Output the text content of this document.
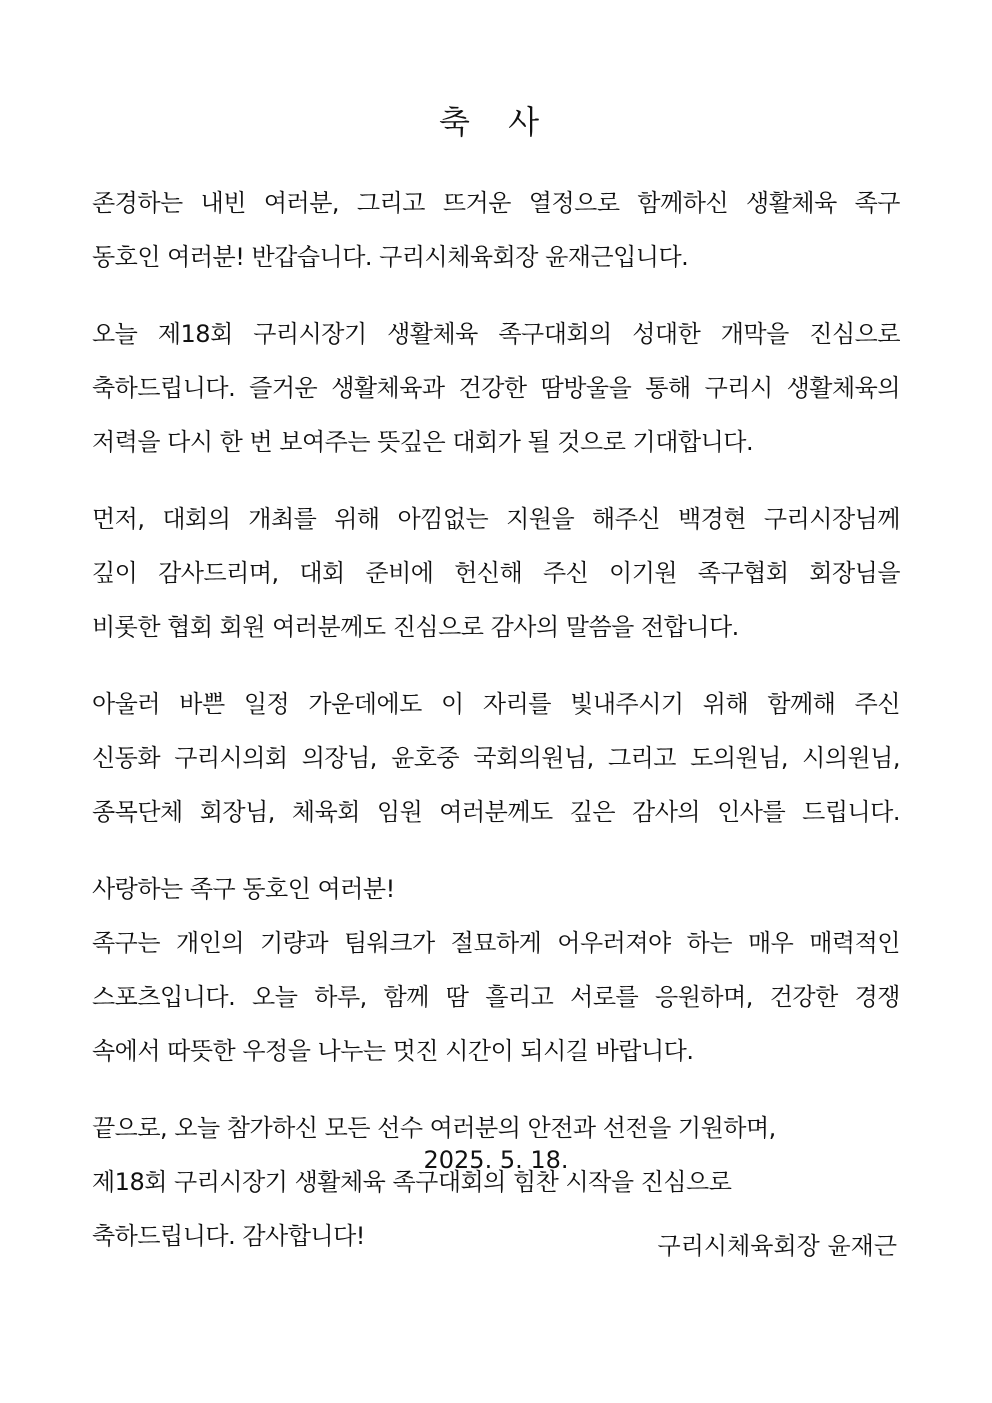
축 사
존경하는 내빈 여러분, 그리고 뜨거운 열정으로 함께하신 생활체육 족구
동호인 여러분! 반갑습니다. 구리시체육회장 윤재근입니다.
오늘 제18회 구리시장기 생활체육 족구대회의 성대한 개막을 진심으로
축하드립니다. 즐거운 생활체육과 건강한 땀방울을 통해 구리시 생활체육의
저력을 다시 한 번 보여주는 뜻깊은 대회가 될 것으로 기대합니다.
먼저, 대회의 개최를 위해 아낌없는 지원을 해주신 백경현 구리시장님께
깊이 감사드리며, 대회 준비에 헌신해 주신 이기원 족구협회 회장님을
비롯한 협회 회원 여러분께도 진심으로 감사의 말씀을 전합니다.
아울러 바쁜 일정 가운데에도 이 자리를 빛내주시기 위해 함께해 주신
신동화 구리시의회 의장님, 윤호중 국회의원님, 그리고 도의원님, 시의원님,
종목단체 회장님, 체육회 임원 여러분께도 깊은 감사의 인사를 드립니다.
사랑하는 족구 동호인 여러분!
족구는 개인의 기량과 팀워크가 절묘하게 어우러져야 하는 매우 매력적인
스포츠입니다. 오늘 하루, 함께 땀 흘리고 서로를 응원하며, 건강한 경쟁
속에서 따뜻한 우정을 나누는 멋진 시간이 되시길 바랍니다.
끝으로, 오늘 참가하신 모든 선수 여러분의 안전과 선전을 기원하며,
제18회 구리시장기 생활체육 족구대회의 힘찬 시작을 진심으로
축하드립니다. 감사합니다!
2025. 5. 18.
구리시체육회장 윤재근
